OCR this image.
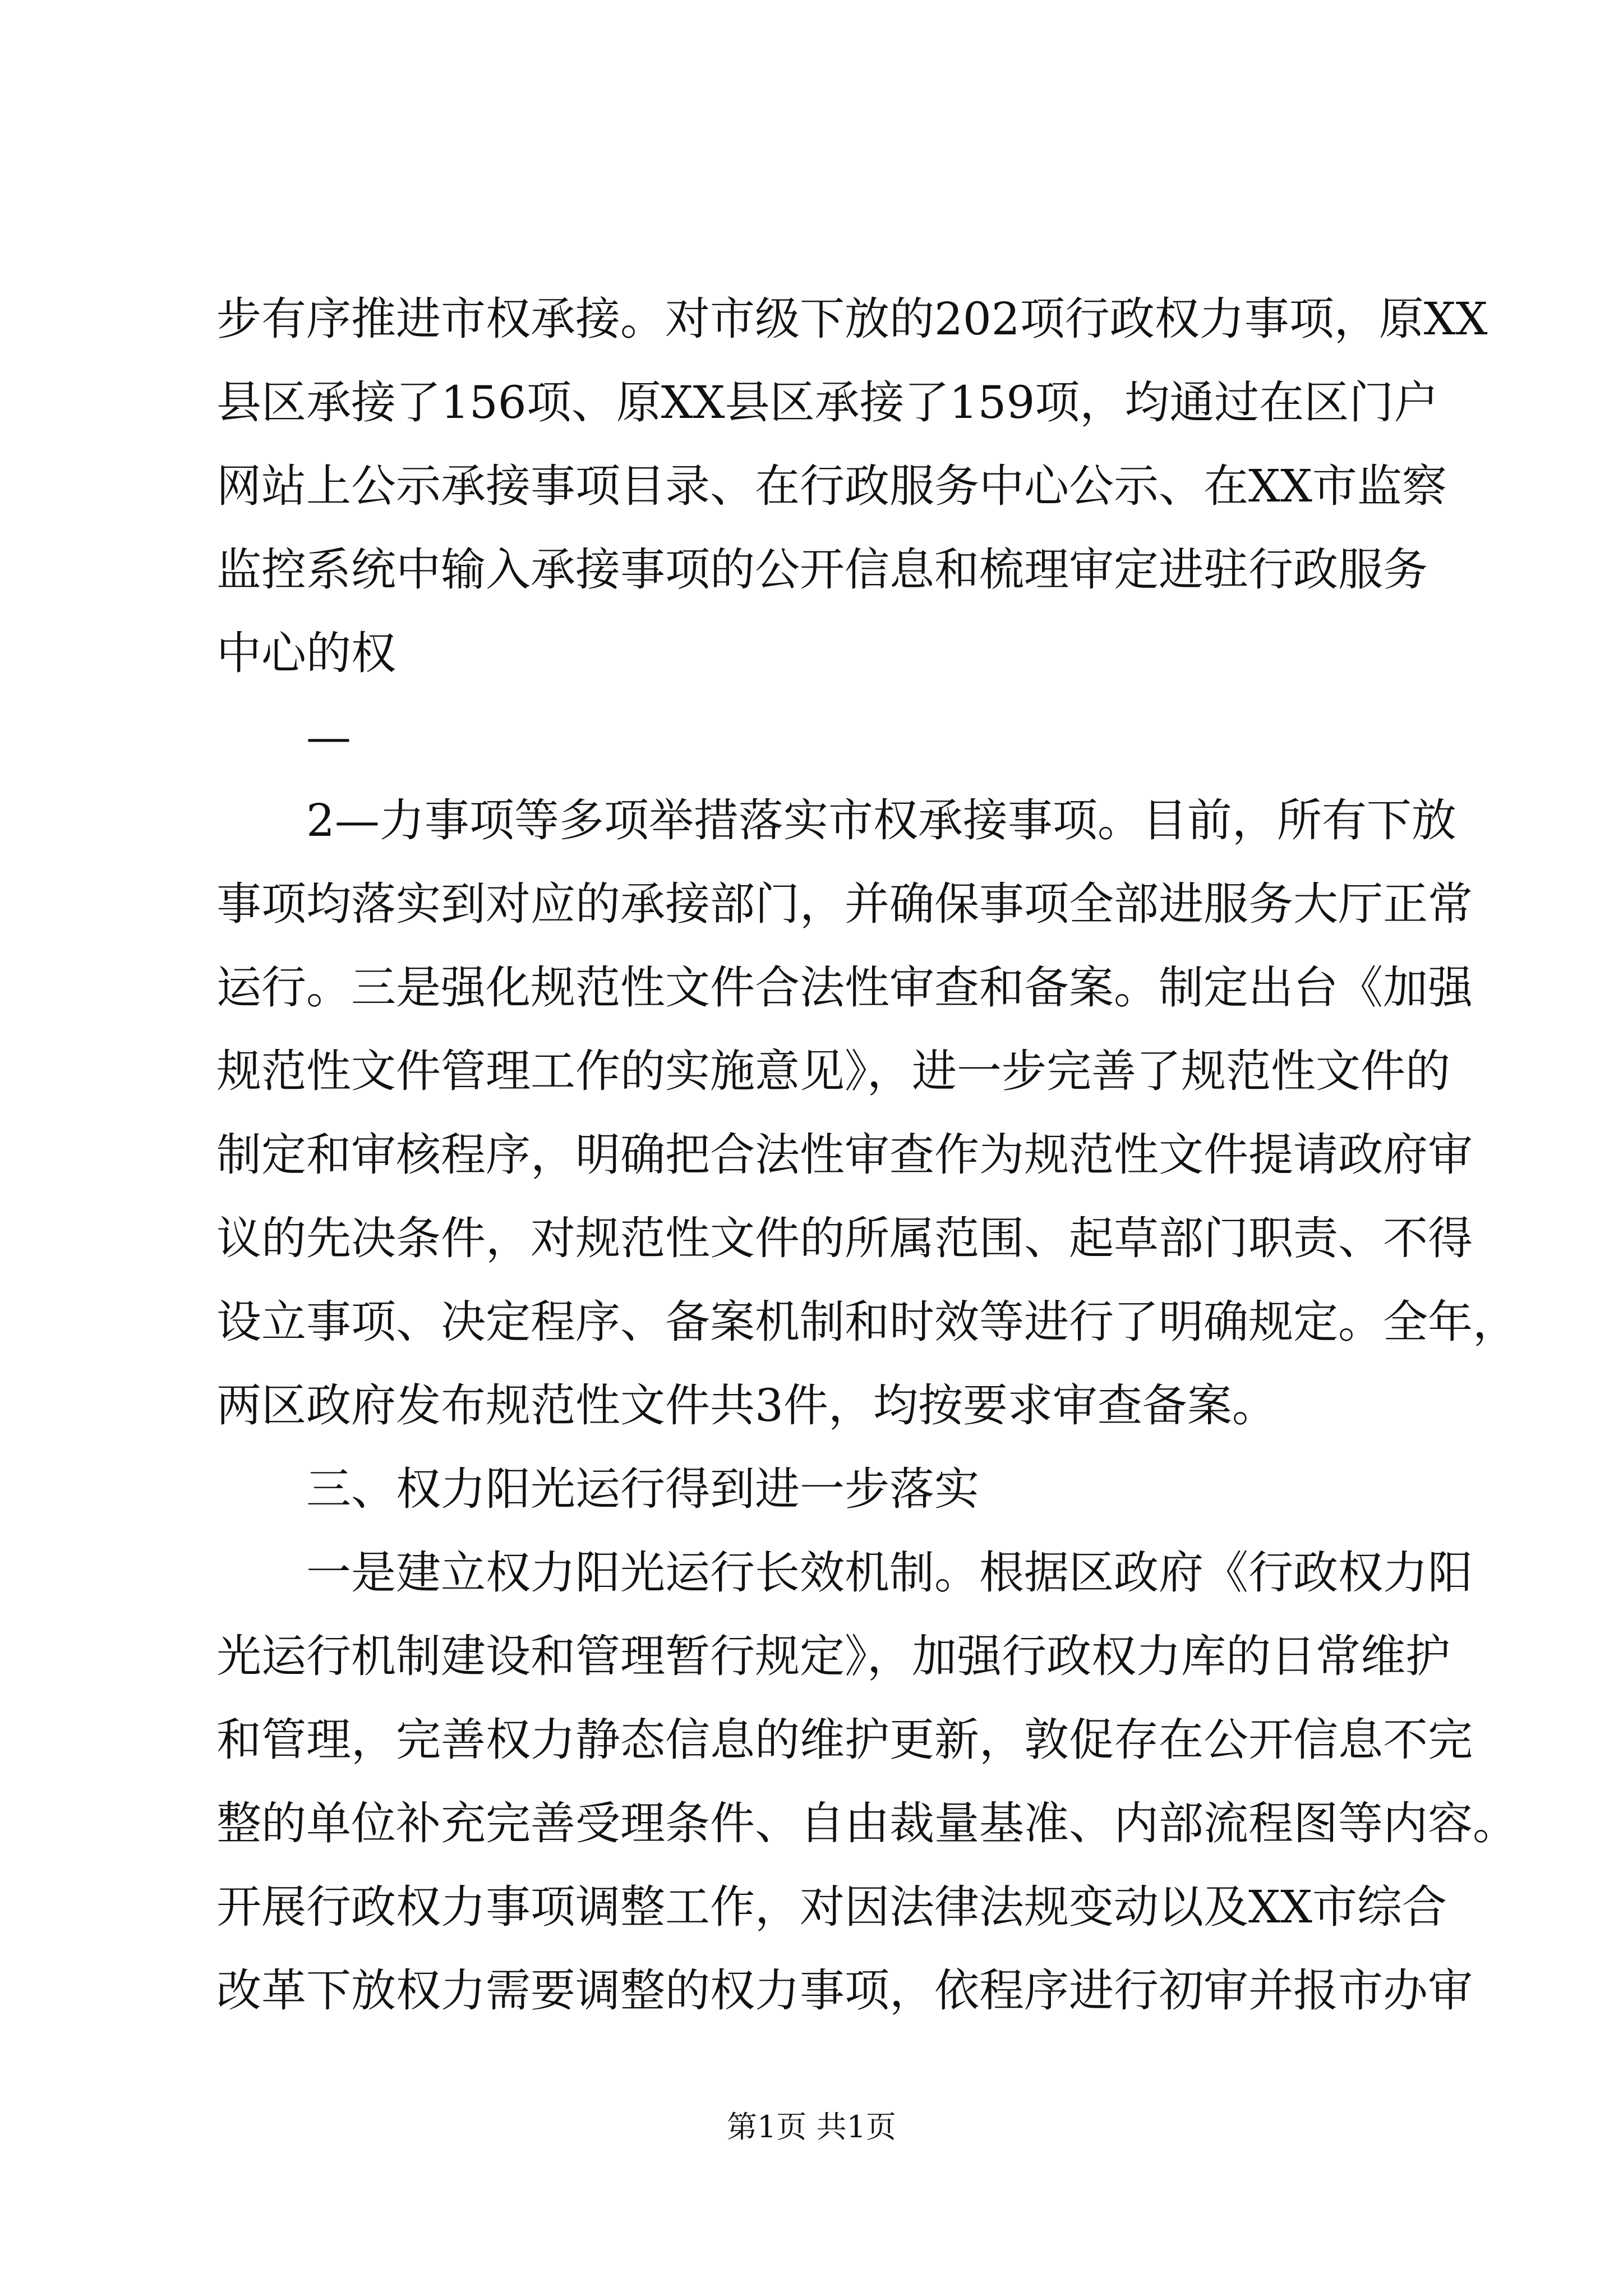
步有序推进市权承接。对市级下放的202项行政权力事项，原XX
县区承接了156项、原XX县区承接了159项，均通过在区门户
网站上公示承接事项目录、在行政服务中心公示、在XX市监察
监控系统中输入承接事项的公开信息和梳理审定进驻行政服务
中心的权
—
2—力事项等多项举措落实市权承接事项。目前，所有下放
事项均落实到对应的承接部门，并确保事项全部进服务大厅正常
运行。三是强化规范性文件合法性审查和备案。制定出台《加强
规范性文件管理工作的实施意见》，进一步完善了规范性文件的
制定和审核程序，明确把合法性审查作为规范性文件提请政府审
议的先决条件，对规范性文件的所属范围、起草部门职责、不得
设立事项、决定程序、备案机制和时效等进行了明确规定。全年，
两区政府发布规范性文件共3件，均按要求审查备案。
三、权力阳光运行得到进一步落实
一是建立权力阳光运行长效机制。根据区政府《行政权力阳
光运行机制建设和管理暂行规定》，加强行政权力库的日常维护
和管理，完善权力静态信息的维护更新，敦促存在公开信息不完
整的单位补充完善受理条件、自由裁量基准、内部流程图等内容。
开展行政权力事项调整工作，对因法律法规变动以及XX市综合
改革下放权力需要调整的权力事项，依程序进行初审并报市办审
第1页 共1页
